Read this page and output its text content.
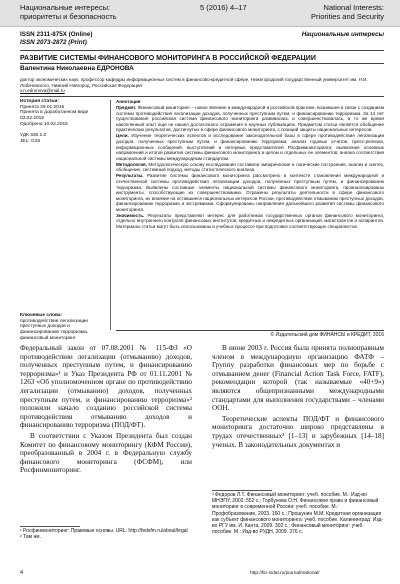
Национальные интересы:
приоритеты и безопасность
5 (2016) 4–17	National Interests:
Priorities and Security
ISSN 2311-875X (Online)
ISSN 2073-2872 (Print)
Национальные интересы
РАЗВИТИЕ СИСТЕМЫ ФИНАНСОВОГО МОНИТОРИНГА В РОССИЙСКОЙ ФЕДЕРАЦИИ
Валентина Николаевна ЕДРОНОВА
доктор экономических наук, профессор кафедры информационных систем в финансово-кредитной сфере, Нижегородский государственный университет им. Н.И. Лобачевского, Нижний Новгород, Российская Федерация
v.n.edronova@mail.ru
История статьи:
Принята 29.01.2016
Принята в доработанном виде
03.02.2016
Одобрена 10.02.2016

УДК 336.1.0
JEL: G28
Ключевые слова:
противодействие легализации преступных доходов и финансированию терроризма, финансовый мониторинг

Аннотация

Предмет. Финансовый мониторинг – новое явление в международной и российской практике, возникшее в связи с созданием системы противодействия легализации доходов, полученных преступным путем, и финансированию терроризма. За 14 лет существования российская система финансового мониторинга развивалась и совершенствовалась, в то же время накопленный опыт еще не нашел достаточного отражения в научных публикациях. Предметом статьи является обобщение практических результатов, достигнутых в сфере финансового мониторинга, с позиций защиты национальных интересов.

Цели. Изучение теоретических аспектов и исследование законодательной базы в сфере противодействия легализации доходов, полученных преступным путем, и финансированию терроризма; анализ годовых отчетов, пресс-релизов, информационных сообщений, выступлений и интервью представителей Росфинмониторинга; выявление основных направлений и итогов развития системы финансового мониторинга в целом и отдельных ее элементов; анализ соответствия национальной системы международным стандартам.

Методология. Методологическую основу исследования составили эмпирические и логические построения, анализ и синтез, обобщение, системный подход, методы статистического анализа.

Результаты. Развитие системы финансового мониторинга рассмотрено в контексте становления международной и отечественной системы противодействия легализации доходов, полученных преступным путем, и финансированию терроризма. Выявлены составные элементы национальной системы финансового мониторинга, проанализированы инструменты, способствующие их совершенствованию. Отражены результаты деятельности в сфере финансового мониторинга, их влияние на оставшиеся национальных интересов России, противодействие отмыванию преступных доходов, финансированию терроризма и экстремизма. Сформулированы направления дальнейшего развития системы финансового мониторинга.

Значимость. Результаты представляют интерес для работников государственных органов финансового мониторинга, отдельно внутреннего контроля финансовых институтов, кредитных и некредитных организаций, магистрантов и аспирантов. Материалы статьи могут быть использованы в учебных процессе при подготовке соответствующих специалистов.

© Издательский дом ФИНАНСЫ и КРЕДИТ, 2016

Федеральный закон от 07.08.2001 № 115-ФЗ «О противодействии легализации (отмыванию) доходов, полученных преступным путем, и финансированию терроризма»¹ и Указ Президента РФ от 01.11.2001 № 1263 «Об уполномоченном органе по противодействию легализации (отмыванию) доходов, полученных преступным путем, и финансированию терроризма»² положили начало созданию российской системы противодействия отмыванию доходов и финансированию терроризма (ПОД/ФТ).

В соответствии с Указом Президента был создан Комитет по финансовому мониторингу (КФМ России), преобразованный в 2004 г. в Федеральную службу финансового мониторинга (ФСФМ), или Росфинмониторинг.

В июне 2003 г. Россия была принята полноправным членом в международную организацию ФАТФ – Группу разработки финансовых мер по борьбе с отмыванием денег (Financial Action Task Force, FATF), рекомендации которой (так называемые «40+9») являются общепризнанными международными стандартами для выполнения государствами – членами ООН.

Теоретические аспекты ПОД/ФТ и финансового мониторинга достаточно широко представлены в трудах отечественных³ [1–13] и зарубежных [14–18] ученых. В законодательных документах и

¹ Росфинмониторинг: Правовые основы. URL: http://fedsfm.ru/about/legal
² Там же.
³ Федоров Л.Т. Финансовый мониторинг: учеб. пособие. М.: Изд-во МНЭПУ, 2002. 552 с.; Горбунова О.Н. Финансовое право и финансовый мониторинг в современной России: учеб. пособие. М.: Профобразование, 2003. 160 с.; Прошунин М.М. Кредитная организация как субъект финансового мониторинга: учеб. пособие. Калининград: Изд-во РГУ им. И. Канта, 2009. 302 с.; Финансовый мониторинг: учеб. пособие. М.: Изд-во РУДН, 2009. 376 с.
4	http://fin-izdat.ru/journal/national/
